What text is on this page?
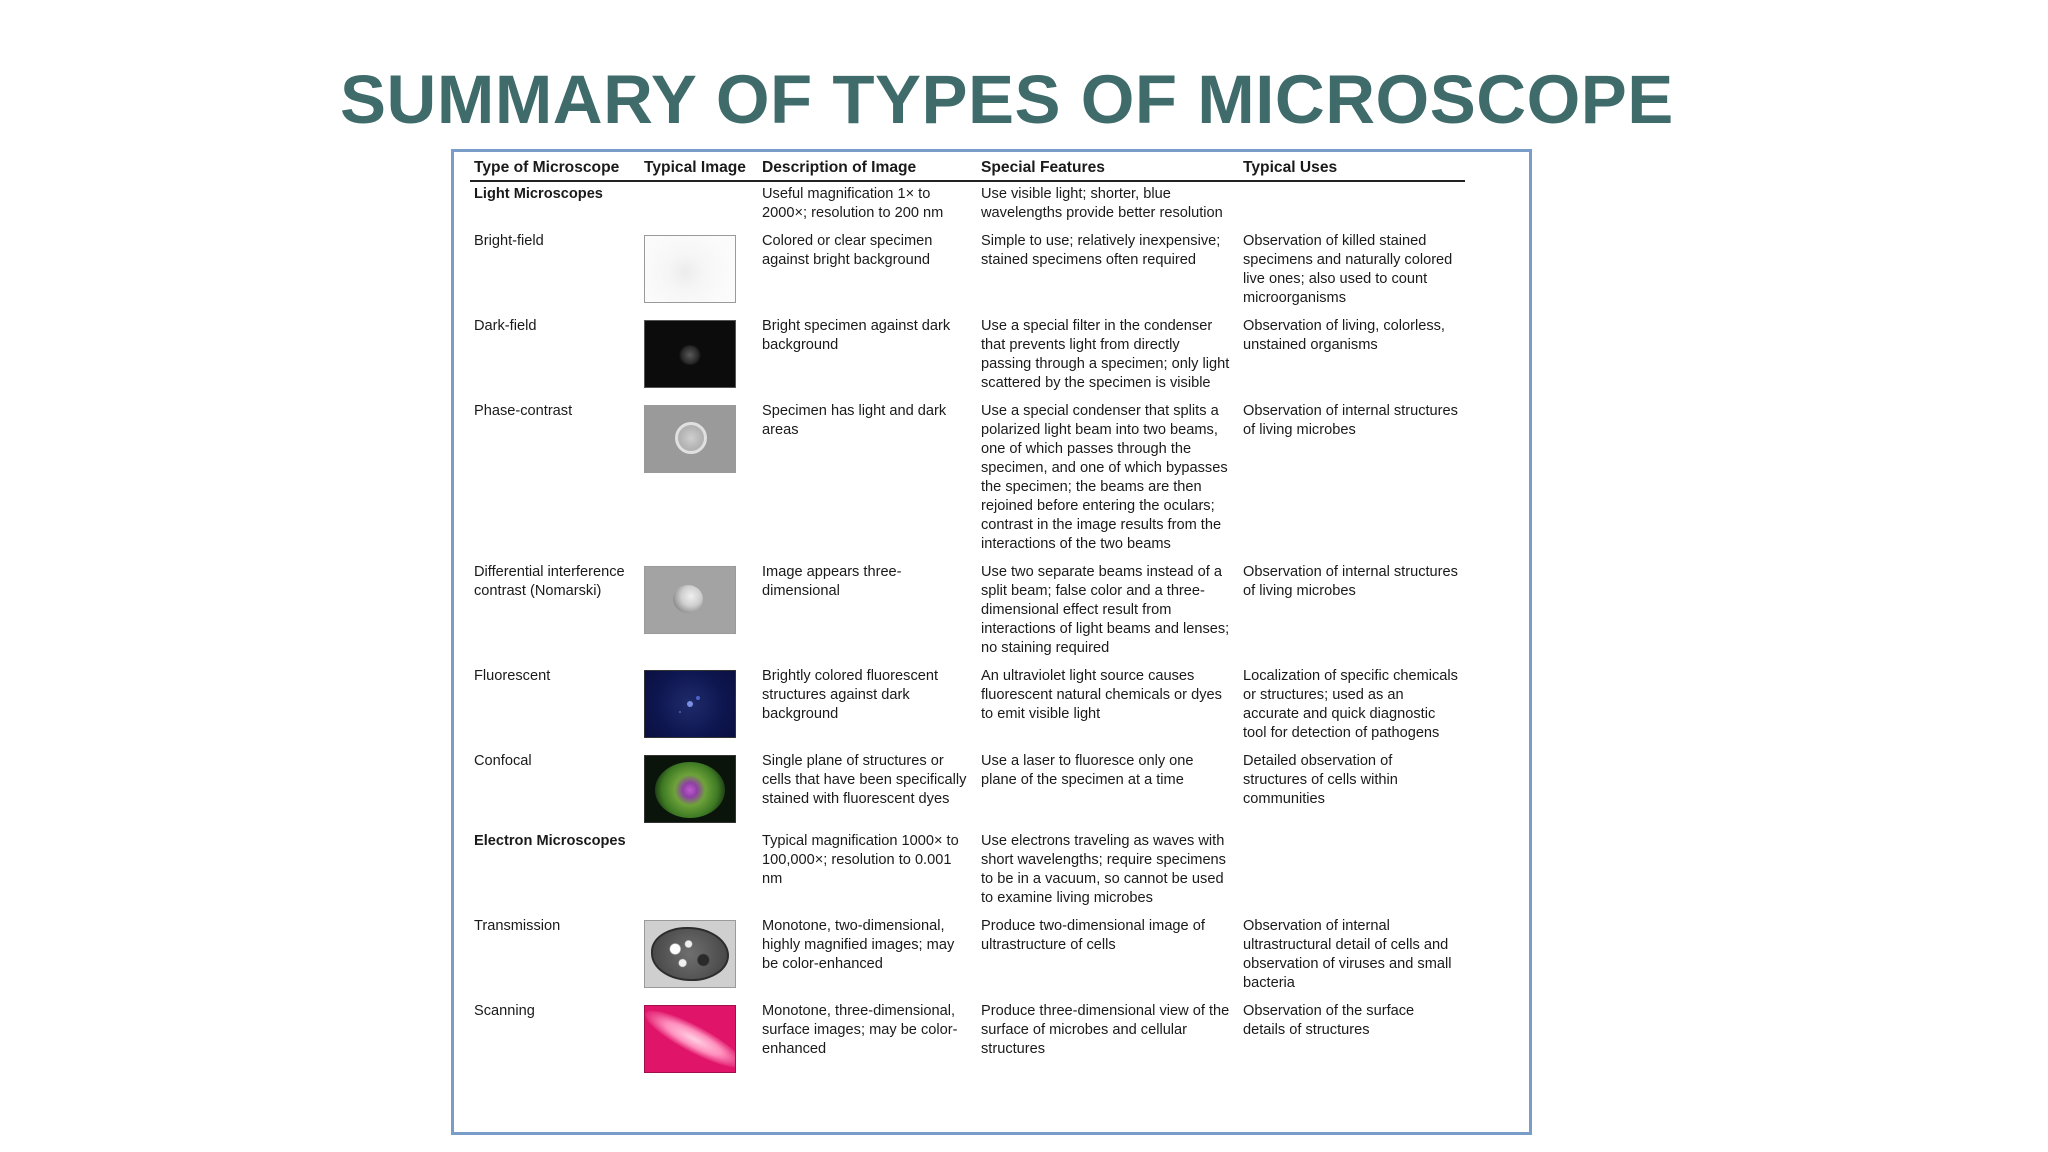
SUMMARY OF TYPES OF MICROSCOPE
Type of Microscope	Typical Image	Description of Image	Special Features	Typical Uses
Light Microscopes		Useful magnification 1× to 2000×; resolution to 200 nm	Use visible light; shorter, blue wavelengths provide better resolution	
Bright-field		Colored or clear specimen against bright background	Simple to use; relatively inexpensive; stained specimens often required	Observation of killed stained specimens and naturally colored live ones; also used to count microorganisms
Dark-field		Bright specimen against dark background	Use a special filter in the condenser that prevents light from directly passing through a specimen; only light scattered by the specimen is visible	Observation of living, colorless, unstained organisms
Phase-contrast		Specimen has light and dark areas	Use a special condenser that splits a polarized light beam into two beams, one of which passes through the specimen, and one of which bypasses the specimen; the beams are then rejoined before entering the oculars; contrast in the image results from the interactions of the two beams	Observation of internal structures of living microbes
Differential interference contrast (Nomarski)		Image appears three-dimensional	Use two separate beams instead of a split beam; false color and a three-dimensional effect result from interactions of light beams and lenses; no staining required	Observation of internal structures of living microbes
Fluorescent		Brightly colored fluorescent structures against dark background	An ultraviolet light source causes fluorescent natural chemicals or dyes to emit visible light	Localization of specific chemicals or structures; used as an accurate and quick diagnostic tool for detection of pathogens
Confocal		Single plane of structures or cells that have been specifically stained with fluorescent dyes	Use a laser to fluoresce only one plane of the specimen at a time	Detailed observation of structures of cells within communities
Electron Microscopes		Typical magnification 1000× to 100,000×; resolution to 0.001 nm	Use electrons traveling as waves with short wavelengths; require specimens to be in a vacuum, so cannot be used to examine living microbes	
Transmission		Monotone, two-dimensional, highly magnified images; may be color-enhanced	Produce two-dimensional image of ultrastructure of cells	Observation of internal ultrastructural detail of cells and observation of viruses and small bacteria
Scanning		Monotone, three-dimensional, surface images; may be color-enhanced	Produce three-dimensional view of the surface of microbes and cellular structures	Observation of the surface details of structures
